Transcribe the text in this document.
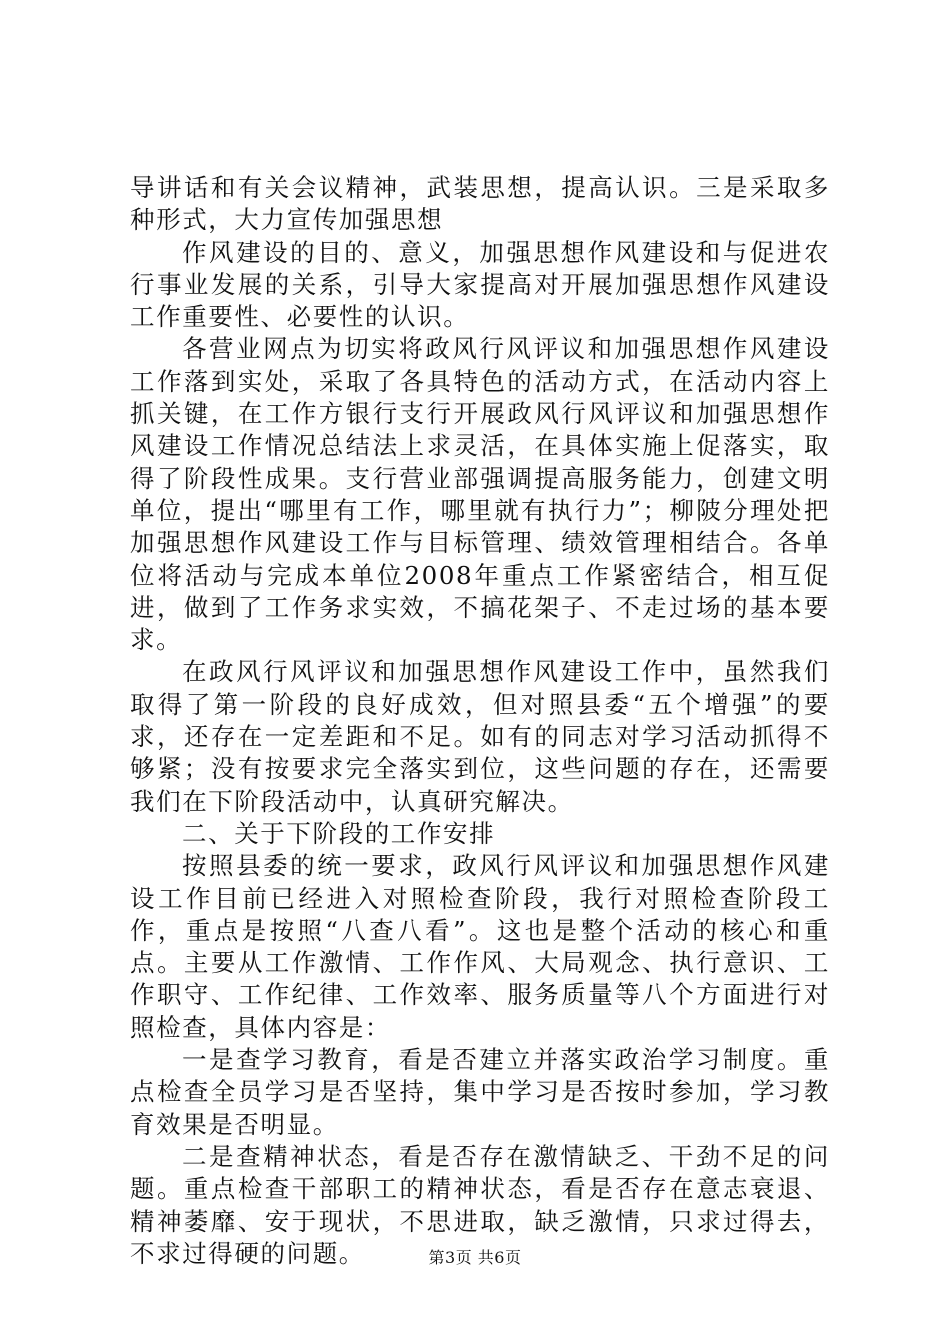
导讲话和有关会议精神，武装思想，提高认识。三是采取多种形式，大力宣传加强思想

作风建设的目的、意义，加强思想作风建设和与促进农行事业发展的关系，引导大家提高对开展加强思想作风建设工作重要性、必要性的认识。

各营业网点为切实将政风行风评议和加强思想作风建设工作落到实处，采取了各具特色的活动方式，在活动内容上抓关键，在工作方银行支行开展政风行风评议和加强思想作风建设工作情况总结法上求灵活，在具体实施上促落实，取得了阶段性成果。支行营业部强调提高服务能力，创建文明单位，提出“哪里有工作，哪里就有执行力”；柳陂分理处把加强思想作风建设工作与目标管理、绩效管理相结合。各单位将活动与完成本单位2008年重点工作紧密结合，相互促进，做到了工作务求实效，不搞花架子、不走过场的基本要求。

在政风行风评议和加强思想作风建设工作中，虽然我们取得了第一阶段的良好成效，但对照县委“五个增强”的要求，还存在一定差距和不足。如有的同志对学习活动抓得不够紧；没有按要求完全落实到位，这些问题的存在，还需要我们在下阶段活动中，认真研究解决。

二、关于下阶段的工作安排

按照县委的统一要求，政风行风评议和加强思想作风建设工作目前已经进入对照检查阶段，我行对照检查阶段工作，重点是按照“八查八看”。这也是整个活动的核心和重点。主要从工作激情、工作作风、大局观念、执行意识、工作职守、工作纪律、工作效率、服务质量等八个方面进行对照检查，具体内容是：

一是查学习教育，看是否建立并落实政治学习制度。重点检查全员学习是否坚持，集中学习是否按时参加，学习教育效果是否明显。

二是查精神状态，看是否存在激情缺乏、干劲不足的问题。重点检查干部职工的精神状态，看是否存在意志衰退、精神萎靡、安于现状，不思进取，缺乏激情，只求过得去，不求过得硬的问题。	第3页 共6页
